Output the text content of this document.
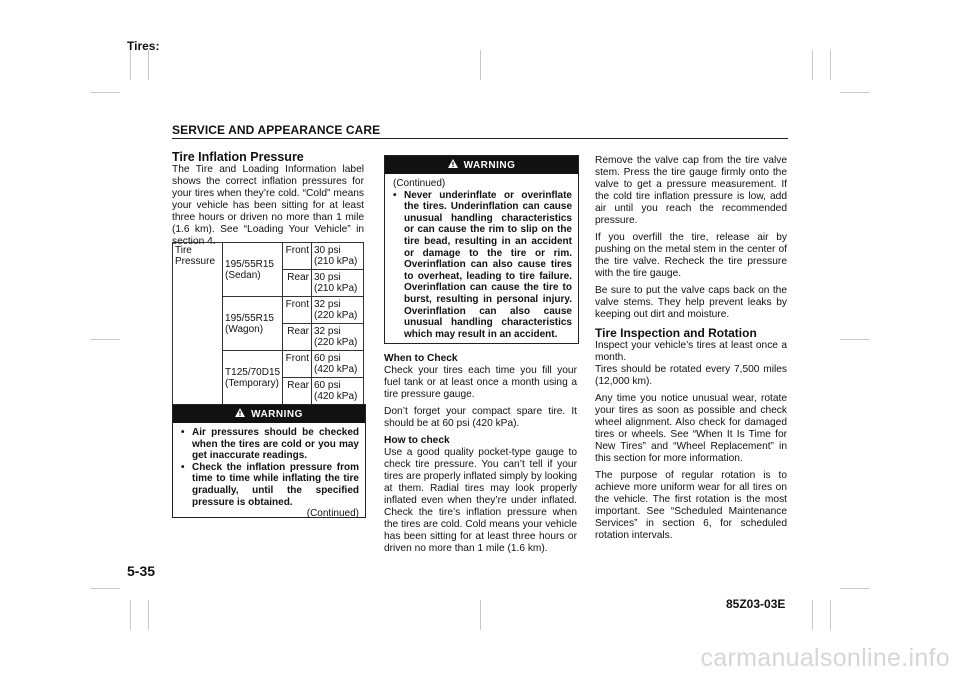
Tires:
SERVICE AND APPEARANCE CARE

Tire Inflation Pressure

The Tire and Loading Information label shows the correct inflation pressures for your tires when they’re cold. “Cold” means your vehicle has been sitting for at least three hours or driven no more than 1 mile (1.6 km). See “Loading Your Vehicle” in section 4.

Tire Pressure	195/55R15 (Sedan)	Front	30 psi (210 kPa)
		Rear	30 psi (210 kPa)
	195/55R15 (Wagon)	Front	32 psi (220 kPa)
		Rear	32 psi (220 kPa)
	T125/70D15 (Temporary)	Front	60 psi (420 kPa)
		Rear	60 psi (420 kPa)
WARNING
• Air pressures should be checked when the tires are cold or you may get inaccurate readings.
• Check the inflation pressure from time to time while inflating the tire gradually, until the specified pressure is obtained.
(Continued)
WARNING
(Continued)
• Never underinflate or overinflate the tires. Underinflation can cause unusual handling characteristics or can cause the rim to slip on the tire bead, resulting in an accident or damage to the tire or rim. Overinflation can also cause tires to overheat, leading to tire failure. Overinflation can cause the tire to burst, resulting in personal injury. Overinflation can also cause unusual handling characteristics which may result in an accident.

When to Check

Check your tires each time you fill your fuel tank or at least once a month using a tire pressure gauge.

Don’t forget your compact spare tire. It should be at 60 psi (420 kPa).

How to check

Use a good quality pocket-type gauge to check tire pressure. You can’t tell if your tires are properly inflated simply by looking at them. Radial tires may look properly inflated even when they’re under inflated. Check the tire’s inflation pressure when the tires are cold. Cold means your vehicle has been sitting for at least three hours or driven no more than 1 mile (1.6 km).

Remove the valve cap from the tire valve stem. Press the tire gauge firmly onto the valve to get a pressure measurement. If the cold tire inflation pressure is low, add air until you reach the recommended pressure.

If you overfill the tire, release air by pushing on the metal stem in the center of the tire valve. Recheck the tire pressure with the tire gauge.

Be sure to put the valve caps back on the valve stems. They help prevent leaks by keeping out dirt and moisture.

Tire Inspection and Rotation

Inspect your vehicle’s tires at least once a month.

Tires should be rotated every 7,500 miles (12,000 km).

Any time you notice unusual wear, rotate your tires as soon as possible and check wheel alignment. Also check for damaged tires or wheels. See “When It Is Time for New Tires” and “Wheel Replacement” in this section for more information.

The purpose of regular rotation is to achieve more uniform wear for all tires on the vehicle. The first rotation is the most important. See “Scheduled Maintenance Services” in section 6, for scheduled rotation intervals.

5-35
85Z03-03E
carmanualsonline.info
